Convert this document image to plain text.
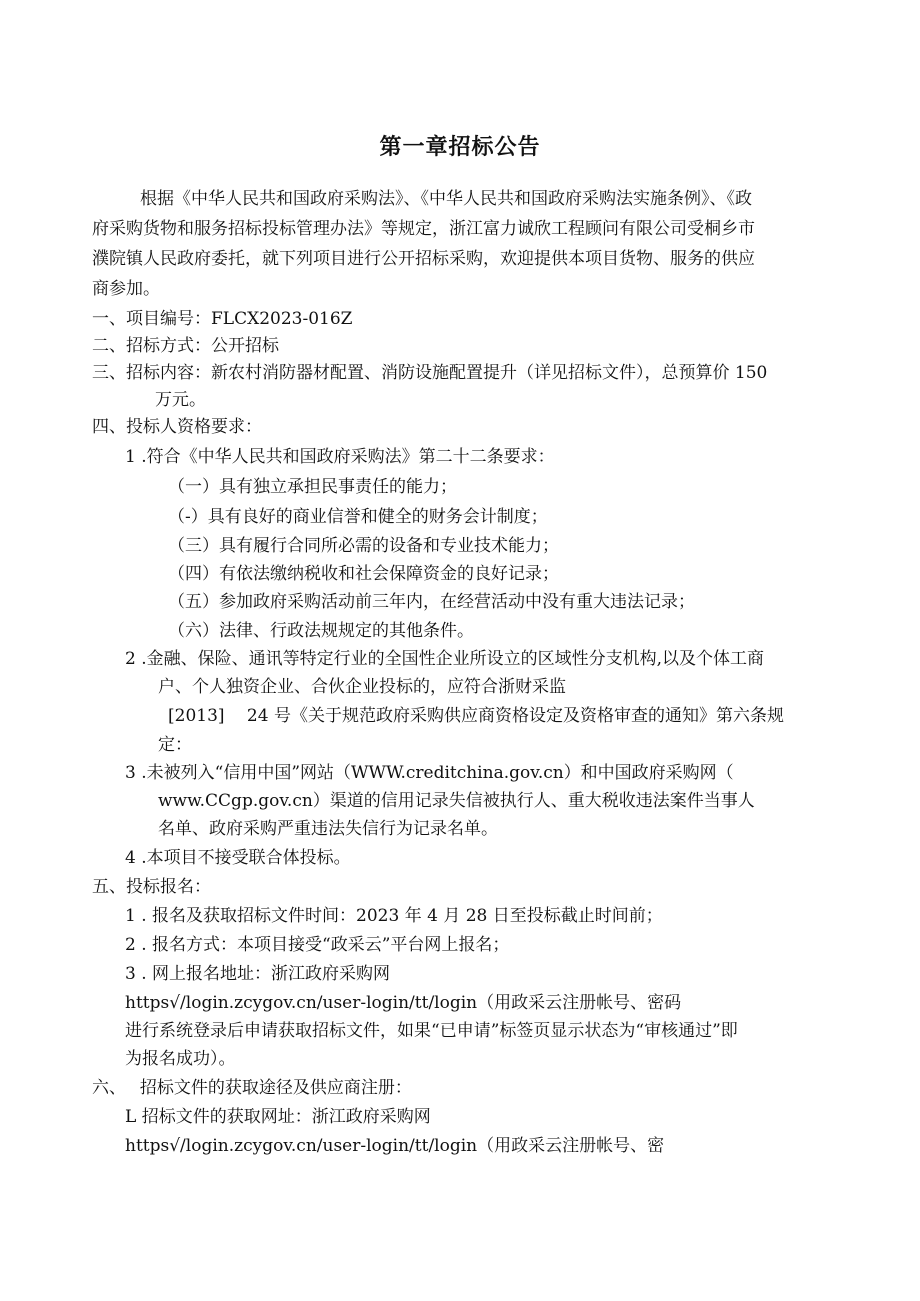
第一章招标公告
根据《中华人民共和国政府采购法》、《中华人民共和国政府采购法实施条例》、《政
府采购货物和服务招标投标管理办法》等规定，浙江富力诚欣工程顾问有限公司受桐乡市
濮院镇人民政府委托，就下列项目进行公开招标采购，欢迎提供本项目货物、服务的供应
商参加。
一、项目编号：FLCX2023-016Z
二、招标方式：公开招标
三、招标内容：新农村消防器材配置、消防设施配置提升（详见招标文件），总预算价 150
万元。
四、投标人资格要求：
1 .符合《中华人民共和国政府采购法》第二十二条要求：
（一）具有独立承担民事责任的能力；
（-）具有良好的商业信誉和健全的财务会计制度；
（三）具有履行合同所必需的设备和专业技术能力；
（四）有依法缴纳税收和社会保障资金的良好记录；
（五）参加政府采购活动前三年内，在经营活动中没有重大违法记录；
（六）法律、行政法规规定的其他条件。
2 .金融、保险、通讯等特定行业的全国性企业所设立的区域性分支机构,以及个体工商
户、个人独资企业、合伙企业投标的，应符合浙财采监
[2013]　 24 号《关于规范政府采购供应商资格设定及资格审查的通知》第六条规
定：
3 .未被列入“信用中国”网站（WWW.creditchina.gov.cn）和中国政府采购网（
www.CCgp.gov.cn）渠道的信用记录失信被执行人、重大税收违法案件当事人
名单、政府采购严重违法失信行为记录名单。
4 .本项目不接受联合体投标。
五、投标报名：
1 . 报名及获取招标文件时间：2023 年 4 月 28 日至投标截止时间前；
2 . 报名方式：本项目接受“政采云”平台网上报名；
3 . 网上报名地址：浙江政府采购网
https√/login.zcygov.cn/user-login/tt/login（用政采云注册帐号、密码
进行系统登录后申请获取招标文件，如果“已申请”标签页显示状态为“审核通过”即
为报名成功）。
六、　 招标文件的获取途径及供应商注册：
L 招标文件的获取网址：浙江政府采购网
https√/login.zcygov.cn/user-login/tt/login（用政采云注册帐号、密
